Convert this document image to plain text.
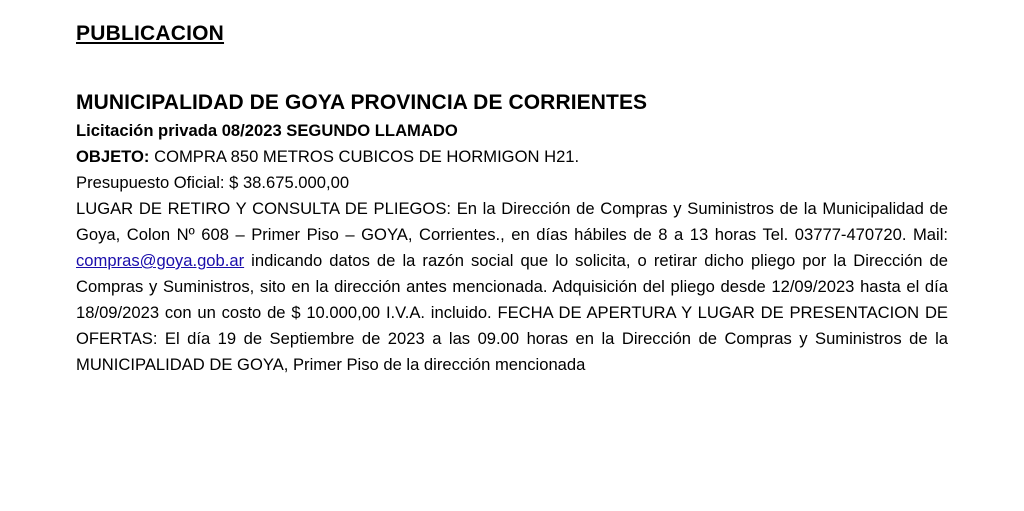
PUBLICACION
MUNICIPALIDAD DE GOYA PROVINCIA DE CORRIENTES

Licitación privada 08/2023 SEGUNDO LLAMADO

OBJETO: COMPRA 850 METROS CUBICOS DE HORMIGON H21.

Presupuesto Oficial: $ 38.675.000,00

LUGAR DE RETIRO Y CONSULTA DE PLIEGOS: En la Dirección de Compras y Suministros de la Municipalidad de Goya, Colon Nº 608 – Primer Piso – GOYA, Corrientes., en días hábiles de 8 a 13 horas Tel. 03777-470720. Mail: compras@goya.gob.ar indicando datos de la razón social que lo solicita, o retirar dicho pliego por la Dirección de Compras y Suministros, sito en la dirección antes mencionada. Adquisición del pliego desde 12/09/2023 hasta el día 18/09/2023 con un costo de $ 10.000,00 I.V.A. incluido. FECHA DE APERTURA Y LUGAR DE PRESENTACION DE OFERTAS: El día 19 de Septiembre de 2023 a las 09.00 horas en la Dirección de Compras y Suministros de la MUNICIPALIDAD DE GOYA, Primer Piso de la dirección mencionada
